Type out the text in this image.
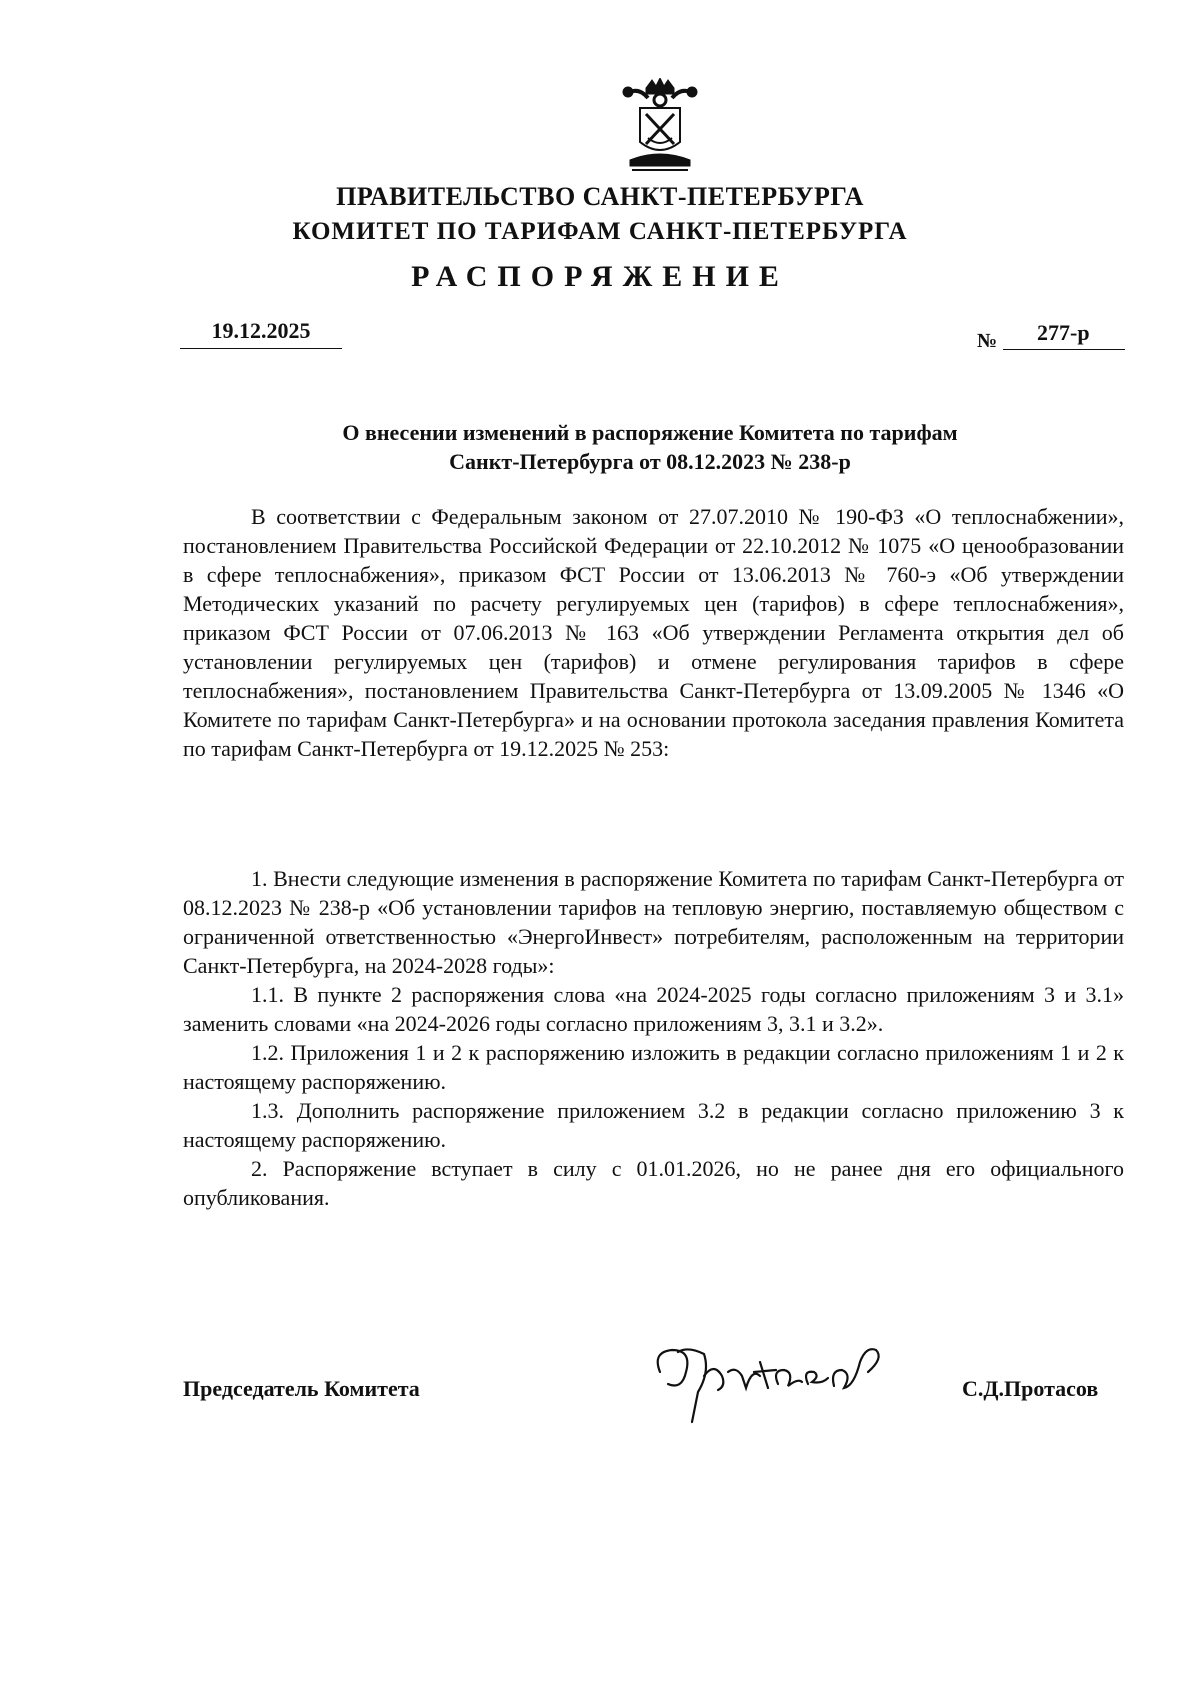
ПРАВИТЕЛЬСТВО САНКТ-ПЕТЕРБУРГА
КОМИТЕТ ПО ТАРИФАМ САНКТ-ПЕТЕРБУРГА
РАСПОРЯЖЕНИЕ
19.12.2025	№	277-р
О внесении изменений в распоряжение Комитета по тарифам
Санкт-Петербурга от 08.12.2023 № 238-р

В соответствии с Федеральным законом от 27.07.2010 № 190-ФЗ «О теплоснабжении», постановлением Правительства Российской Федерации от 22.10.2012 № 1075 «О ценообразовании в сфере теплоснабжения», приказом ФСТ России от 13.06.2013 № 760-э «Об утверждении Методических указаний по расчету регулируемых цен (тарифов) в сфере теплоснабжения», приказом ФСТ России от 07.06.2013 № 163 «Об утверждении Регламента открытия дел об установлении регулируемых цен (тарифов) и отмене регулирования тарифов в сфере теплоснабжения», постановлением Правительства Санкт-Петербурга от 13.09.2005 № 1346 «О Комитете по тарифам Санкт-Петербурга» и на основании протокола заседания правления Комитета по тарифам Санкт-Петербурга от 19.12.2025 № 253:

1. Внести следующие изменения в распоряжение Комитета по тарифам Санкт-Петербурга от 08.12.2023 № 238-р «Об установлении тарифов на тепловую энергию, поставляемую обществом с ограниченной ответственностью «ЭнергоИнвест» потребителям, расположенным на территории Санкт-Петербурга, на 2024-2028 годы»:

1.1. В пункте 2 распоряжения слова «на 2024-2025 годы согласно приложениям 3 и 3.1» заменить словами «на 2024-2026 годы согласно приложениям 3, 3.1 и 3.2».

1.2. Приложения 1 и 2 к распоряжению изложить в редакции согласно приложениям 1 и 2 к настоящему распоряжению.

1.3. Дополнить распоряжение приложением 3.2 в редакции согласно приложению 3 к настоящему распоряжению.

2. Распоряжение вступает в силу с 01.01.2026, но не ранее дня его официального опубликования.

Председатель Комитета	С.Д.Протасов
